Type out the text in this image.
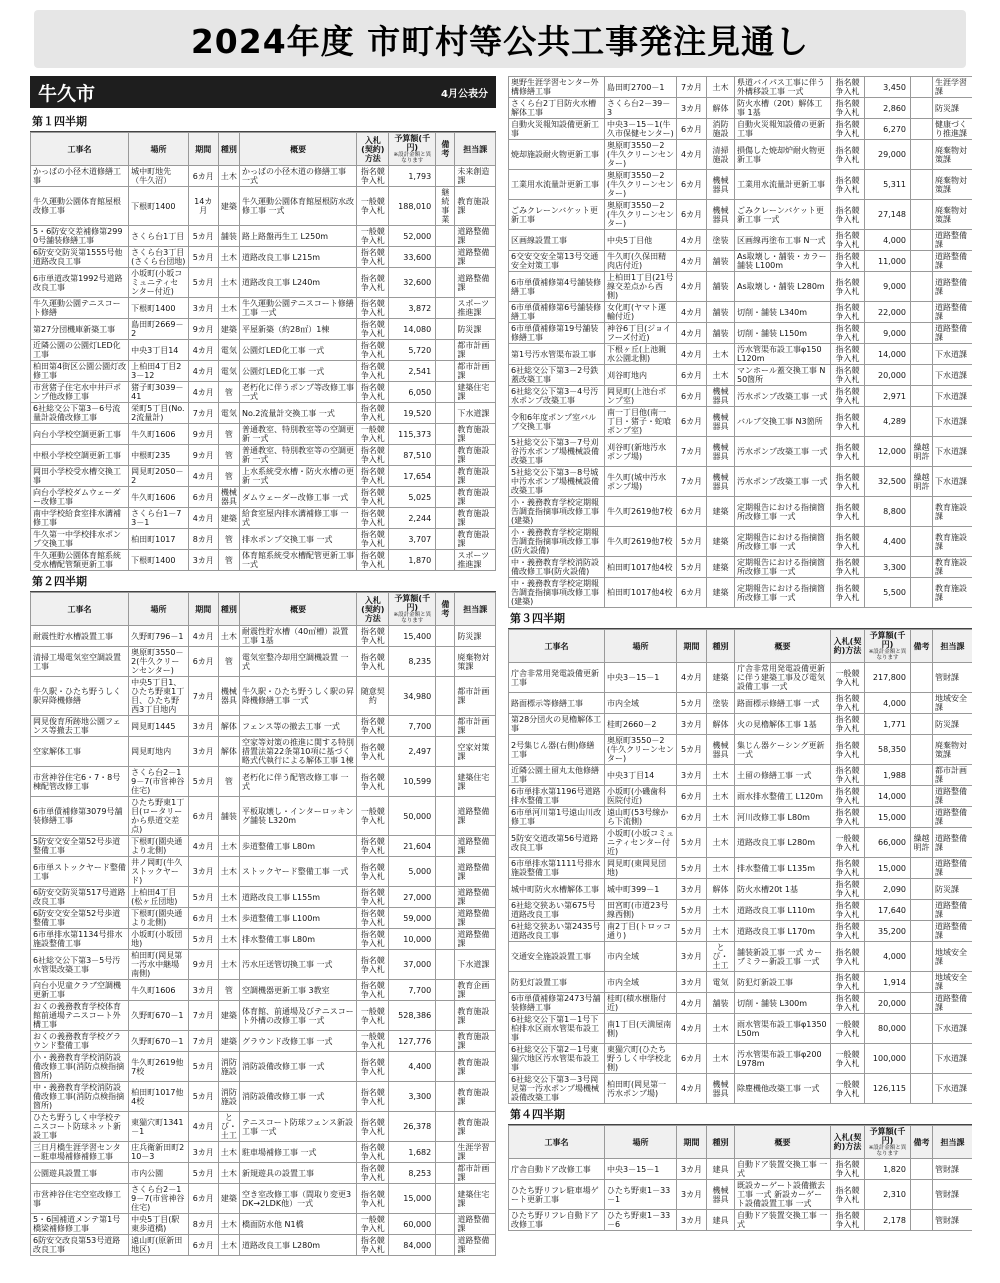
2024年度 市町村等公共工事発注見通し
牛久市	4月公表分
第１四半期
工事名	場所	期間	種別	概要	入札(契約)方法	予算額(千円)
※設計金額と異なります	備考	担当課
かっぱの小径木道修繕工事	城中町地先（牛久沼）	6カ月	土木	かっぱの小径木道の修繕工事 一式	指名競争入札	1,793		未来創造課
牛久運動公園体育館屋根改修工事	下根町1400	14カ月	建築	牛久運動公園体育館屋根防水改修工事 一式	一般競争入札	188,010	継続事業	教育施設課
5・6防安交差補修第2990号舗装修繕工事	さくら台1丁目	5カ月	舗装	路上路盤再生工 L250m	一般競争入札	52,000		道路整備課
6防安交防災第1555号他道路改良工事	さくら台3丁目(さくら台団地)	5カ月	土木	道路改良工事 L215m	指名競争入札	33,600		道路整備課
6市単道改第1992号道路改良工事	小坂町(小坂コミュニティセンター付近)	5カ月	土木	道路改良工事 L240m	指名競争入札	32,600		道路整備課
牛久運動公園テニスコート修繕	下根町1400	3カ月	土木	牛久運動公園テニスコート修繕工事 一式	指名競争入札	3,872		スポーツ推進課
第27分団機庫新築工事	島田町2669－2	9カ月	建築	平屋新築（約28㎡）1棟	指名競争入札	14,080		防災課
近隣公園の公園灯LED化工事	中央3丁目14	4カ月	電気	公園灯LED化工事 一式	指名競争入札	5,720		都市計画課
柏田第4街区公園公園灯改修工事	上柏田4丁目23－12	4カ月	電気	公園灯LED化工事 一式	指名競争入札	2,541		都市計画課
市営猪子住宅水中井戸ポンプ他改修工事	猪子町3039－41	4カ月	管	老朽化に伴うポンプ等改修工事 一式	指名競争入札	6,050		建築住宅課
6社総交公下第3－6号流量計設備改修工事	栄町5丁目(No.2流量計)	7カ月	電気	No.2流量計交換工事 一式	指名競争入札	19,520		下水道課
向台小学校空調更新工事	牛久町1606	9カ月	管	普通教室、特別教室等の空調更新 一式	一般競争入札	115,373		教育施設課
中根小学校空調更新工事	中根町235	9カ月	管	普通教室、特別教室等の空調更新 一式	指名競争入札	87,510		教育施設課
岡田小学校受水槽交換工事	岡見町2050－2	4カ月	管	上水系統受水槽・防火水槽の更新 一式	指名競争入札	17,654		教育施設課
向台小学校ダムウェーダー改修工事	牛久町1606	6カ月	機械器具	ダムウェーダー改修工事 一式	指名競争入札	5,025		教育施設課
南中学校給食室排水溝補修工事	さくら台1－73－1	4カ月	建築	給食室屋内排水溝補修工事 一式	指名競争入札	2,244		教育施設課
牛久第一中学校排水ポンプ交換工事	柏田町1017	8カ月	管	排水ポンプ交換工事 一式	指名競争入札	3,707		教育施設課
牛久運動公園体育館系統受水槽配管類更新工事	下根町1400	3カ月	管	体育館系統受水槽配管更新工事 一式	指名競争入札	1,870		スポーツ推進課
第２四半期
工事名	場所	期間	種別	概要	入札(契約)方法	予算額(千円)
※設計金額と異なります	備考	担当課
耐震性貯水槽設置工事	久野町796－1	4カ月	土木	耐震性貯水槽（40㎥槽）設置工事 1基	指名競争入札	15,400		防災課
清掃工場電気室空調設置工事	奥原町3550－2(牛久クリーンセンター)	6カ月	管	電気室整冷却用空調機設置 一式	指名競争入札	8,235		廃棄物対策課
牛久駅・ひたち野うしく駅昇降機修繕	中央5丁目1、ひたち野東1丁目、ひたち野西3丁目地内	7カ月	機械器具	牛久駅・ひたち野うしく駅の昇降機修繕工事 一式	随意契約	34,980		都市計画課
岡見俊育所跡地公園フェンス等撤去工事	岡見町1445	3カ月	解体	フェンス等の撤去工事 一式	指名競争入札	7,700		都市計画課
空家解体工事	岡見町地内	3カ月	解体	空家等対策の推進に関する特別措置法第22条第10項に基づく略式代執行による解体工事 1棟	指名競争入札	2,497		空家対策課
市営神谷住宅6・7・8号棟配管改修工事	さくら台2－19－7(市営神谷住宅)	5カ月	管	老朽化に伴う配管改修工事 一式	指名競争入札	10,599		建築住宅課
6市単債補修第3079号舗装修繕工事	ひたち野東1丁目(ロータリーから県道交差点)	6カ月	舗装	平板取壊し・インターロッキング舗装 L320m	一般競争入札	50,000		道路整備課
5防安交安全第52号歩道整備工事	下根町(園央通より北側)	4カ月	土木	歩道整備工事 L80m	指名競争入札	21,604		道路整備課
6市単ストックヤード整備工事	井ノ岡町(牛久ストックヤード)	3カ月	土木	ストックヤード整備工事 一式	指名競争入札	5,000		道路整備課
6防安交防災第517号道路改良工事	上柏田4丁目(松ヶ丘団地)	5カ月	土木	道路改良工事 L155m	指名競争入札	27,000		道路整備課
6防安交安全第52号歩道整備工事	下根町(園央通より北側)	6カ月	土木	歩道整備工事 L100m	指名競争入札	59,000		道路整備課
6市単排水第1134号排水施設整備工事	小坂町(小坂団地)	5カ月	土木	排水整備工事 L80m	指名競争入札	10,000		道路整備課
6社総交公下第3－5号汚水管渠改築工事	柏田町(岡見第一汚水中継場南側)	9カ月	土木	汚水圧送管切換工事 一式	指名競争入札	37,000		下水道課
向台小児童クラブ空調機更新工事	牛久町1606	3カ月	管	空調機器更新工事 3教室	指名競争入札	7,700		教育企画課
おくの義務教育学校体育館前通場テニスコート外構工事	久野町670－1	7カ月	建築	体育館、前通場及びテニスコート外構の改修工事 一式	一般競争入札	528,386		教育施設課
おくの義務教育学校グラウンド整備工事	久野町670－1	7カ月	建築	グラウンド改修工事 一式	一般競争入札	127,776		教育施設課
小・義務教育学校消防設備改修工事(消防点検指摘箇所)	牛久町2619他7校	5カ月	消防施設	消防設備改修工事 一式	指名競争入札	4,400		教育施設課
中・義務教育学校消防設備改修工事(消防点検指摘箇所)	柏田町1017他4校	5カ月	消防施設	消防設備改修工事 一式	指名競争入札	3,300		教育施設課
ひたち野うしく中学校テニスコート防球ネット新設工事	東猯穴町1341－1	4カ月	とび・土工	テニスコート防球フェンス新設工事 一式	指名競争入札	26,378		教育施設課
三日月橋生涯学習センター駐車場補修補修工事	庄兵衛新田町210－3	3カ月	土木	駐車場補修工事 一式	指名競争入札	1,682		生涯学習課
公園遊具設置工事	市内公園	5カ月	土木	新規遊具の設置工事	指名競争入札	8,253		都市計画課
市営神谷住宅空室改修工事	さくら台2－19－7(市営神谷住宅)	6カ月	建築	空き室改修工事（間取り変更3DK→2LDK他）一式	指名競争入札	15,000		建築住宅課
5・6国補道メンテ第1号橋梁補修修工事	中央5丁目(駅東歩道橋)	8カ月	土木	橋面防水他 N1橋	一般競争入札	60,000		道路整備課
6防安交改良第53号道路改良工事	遠山町(原新田地区)	6カ月	土木	道路改良工事 L280m	指名競争入札	84,000		道路整備課
奥野生涯学習センター外構修繕工事	島田町2700－1	7カ月	土木	県道バイパス工事に伴う外構移設工事 一式	指名競争入札	3,450		生涯学習課
さくら台2丁目防火水槽解体工事	さくら台2－39－3	3カ月	解体	防火水槽（20t）解体工事 1基	指名競争入札	2,860		防災課
自動火災報知設備更新工事	中央3－15－1(牛久市保健センター)	6カ月	消防施設	自動火災報知設備の更新工事	指名競争入札	6,270		健康づくり推進課
焼却施設耐火物更新工事	奥原町3550－2(牛久クリーンセンター)	4カ月	清掃施設	損傷した焼却炉耐火物更新工事	指名競争入札	29,000		廃棄物対策課
工業用水流量計更新工事	奥原町3550－2(牛久クリーンセンター)	6カ月	機械器具	工業用水流量計更新工事	指名競争入札	5,311		廃棄物対策課
ごみクレーンバケット更新工事	奥原町3550－2(牛久クリーンセンター)	6カ月	機械器具	ごみクレーンバケット更新工事 一式	指名競争入札	27,148		廃棄物対策課
区画線設置工事	中央5丁目他	4カ月	塗装	区画線再塗布工事 N一式	指名競争入札	4,000		道路整備課
6交安交安全第13号交通安全対策工事	牛久町(久保田精肉店付近)	4カ月	舗装	As取壊し・舗装・カラー舗装 L100m	指名競争入札	11,000		道路整備課
6市単債補修第4号舗装修繕工事	上柏田1丁目(21号線交差点から西側)	4カ月	舗装	As取壊し・舗装 L280m	指名競争入札	9,000		道路整備課
6市単債補修第6号舗装修繕工事	女化町(ヤマト運輸付近)	4カ月	舗装	切削・舗装 L340m	指名競争入札	22,000		道路整備課
6市単債補修第19号舗装修繕工事	神谷6丁目(ジョイフーズ付近)	4カ月	舗装	切削・舗装 L150m	指名競争入札	9,000		道路整備課
第1号汚水管渠布設工事	下根ヶ丘(上池親水公園北側)	4カ月	土木	汚水管渠布設工事φ150 L120m	指名競争入札	14,000		下水道課
6社総交公下第3－2号鉄蓋改築工事	刈谷町地内	6カ月	土木	マンホール蓋交換工事 N50箇所	指名競争入札	20,000		下水道課
6社総交公下第3－4号汚水ポンプ改築工事	岡見町(上池台ポンプ室)	6カ月	機械器具	汚水ポンプ改築工事 一式	指名競争入札	2,971		下水道課
令和6年度ポンプ室バルブ交換工事	南一丁目他(南一丁目・猪子・蛇喰ポンプ室)	6カ月	機械器具	バルブ交換工事 N3箇所	指名競争入札	4,289		下水道課
5社総交公下第3－7号刈谷汚水ポンプ場機械設備改築工事	刈谷町(新地汚水ポンプ場)	7カ月	機械器具	汚水ポンプ改築工事 一式	指名競争入札	12,000	繰越明許	下水道課
5社総交公下第3－8号城中汚水ポンプ場機械設備改築工事	牛久町(城中汚水ポンプ場)	7カ月	機械器具	汚水ポンプ改築工事 一式	指名競争入札	32,500	繰越明許	下水道課
小・義務教育学校定期報告調査指摘事項改修工事(建築)	牛久町2619他7校	6カ月	建築	定期報告における指摘箇所改修工事 一式	指名競争入札	8,800		教育施設課
小・義務教育学校定期報告調査指摘事項改修工事(防火設備)	牛久町2619他7校	5カ月	建築	定期報告における指摘箇所改修工事 一式	指名競争入札	4,400		教育施設課
中・義務教育学校消防設備改修工事(防火設備)	柏田町1017他4校	5カ月	建築	定期報告における指摘箇所改修工事 一式	指名競争入札	3,300		教育施設課
中・義務教育学校定期報告調査指摘事項改修工事(建築)	柏田町1017他4校	6カ月	建築	定期報告における指摘箇所改修工事 一式	指名競争入札	5,500		教育施設課
第３四半期
工事名	場所	期間	種別	概要	入札(契約)方法	予算額(千円)
※設計金額と異なります	備考	担当課
庁舎非常用発電設備更新工事	中央3－15－1	4カ月	建築	庁舎非常用発電設備更新に伴う建築工事及び電気設備工事 一式	一般競争入札	217,800		管財課
路面標示等修繕工事	市内全域	5カ月	塗装	路面標示修繕工事 一式	指名競争入札	4,000		地域安全課
第28分団火の見櫓解体工事	桂町2660－2	3カ月	解体	火の見櫓解体工事 1基	指名競争入札	1,771		防災課
2号集じん器(右側)修繕工事	奥原町3550－2(牛久クリーンセンター)	5カ月	機械器具	集じん器ケーシング更新一式	指名競争入札	58,350		廃棄物対策課
近隣公園土留丸太他修繕工事	中央3丁目14	3カ月	土木	土留の修繕工事 一式	指名競争入札	1,988		都市計画課
6市単排水第1196号道路排水整備工事	小坂町(小磯歯科医院付近)	6カ月	土木	雨水排水整備工 L120m	指名競争入札	14,000		道路整備課
6市単河川第1号遠山川改修工事	遠山町(53号線から下流側)	6カ月	土木	河川改修工事 L80m	指名競争入札	15,000		道路整備課
5防安交道改第56号道路改良工事	小坂町(小坂コミュニティセンター付近)	5カ月	土木	道路改良工事 L280m	一般競争入札	66,000	繰越明許	道路整備課
6市単排水第1111号排水施設整備工事	岡見町(東岡見団地)	5カ月	土木	排水整備工事 L135m	指名競争入札	15,000		道路整備課
城中町防火水槽解体工事	城中町399－1	3カ月	解体	防火水槽20t 1基	指名競争入札	2,090		防災課
6社総交狭あい第675号道路改良工事	田宮町(市道23号線西側)	5カ月	土木	道路改良工事 L110m	指名競争入札	17,640		道路整備課
6社総交狭あい第2435号道路改良工事	南2丁目(トロッコ通り)	5カ月	土木	道路改良工事 L170m	指名競争入札	35,200		道路整備課
交通安全施設設置工事	市内全域	3カ月	とび・土工	舗装新設工事 一式 カーブミラー新設工事 一式	指名競争入札	4,000		地域安全課
防犯灯設置工事	市内全域	3カ月	電気	防犯灯新設工事	指名競争入札	1,914		地域安全課
6市単債補修第2473号舗装修繕工事	桂町(積水樹脂付近)	4カ月	舗装	切削・舗装 L300m	指名競争入札	20,000		道路整備課
6社総交公下第1－1号下柏排水区雨水管渠布設工事	南1丁目(天満屋南側)	4カ月	土木	雨水管渠布設工事φ1350 L50m	一般競争入札	80,000		下水道課
6社総交公下第2－1号東猯穴地区汚水管渠布設工事	東猯穴町(ひたち野うしく中学校北側)	6カ月	土木	汚水管渠布設工事φ200 L978m	一般競争入札	100,000		下水道課
6社総交公下第3－3号岡見第一汚水ポンプ場機械設備改築工事	柏田町(岡見第一汚水ポンプ場)	4カ月	機械器具	除塵機他改築工事 一式	一般競争入札	126,115		下水道課
第４四半期
工事名	場所	期間	種別	概要	入札(契約)方法	予算額(千円)
※設計金額と異なります	備考	担当課
庁舎自動ドア改修工事	中央3－15－1	3カ月	建具	自動ドア装置交換工事 一式	指名競争入札	1,820		管財課
ひたち野リフレ駐車場ゲート更新工事	ひたち野東1－33－1	3カ月	機械器具	既設カーゲート設備撤去工事 一式 新設カーゲート設備設置工事 一式	指名競争入札	2,310		管財課
ひたち野リフレ自動ドア改修工事	ひたち野東1－33－6	3カ月	建具	自動ドア装置交換工事 一式	指名競争入札	2,178		管財課
